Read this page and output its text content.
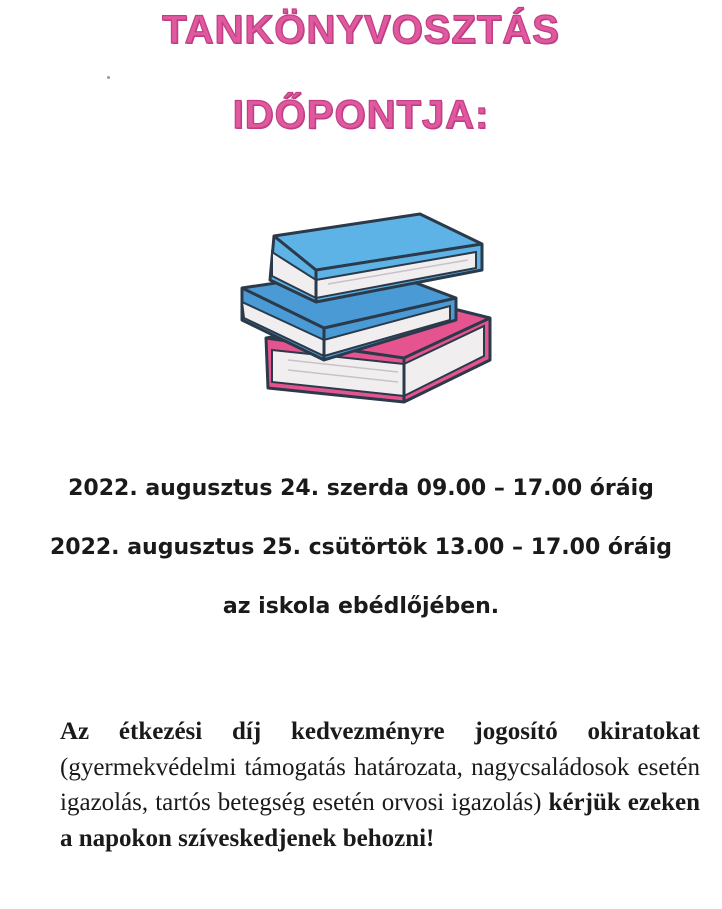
TANKÖNYVOSZTÁS
IDŐPONTJA:
2022. augusztus 24. szerda 09.00 – 17.00 óráig
2022. augusztus 25. csütörtök 13.00 – 17.00 óráig
az iskola ebédlőjében.
Az étkezési díj kedvezményre jogosító okiratokat (gyermekvédelmi támogatás határozata, nagycsaládosok esetén igazolás, tartós betegség esetén orvosi igazolás) kérjük ezeken a napokon szíveskedjenek behozni!
